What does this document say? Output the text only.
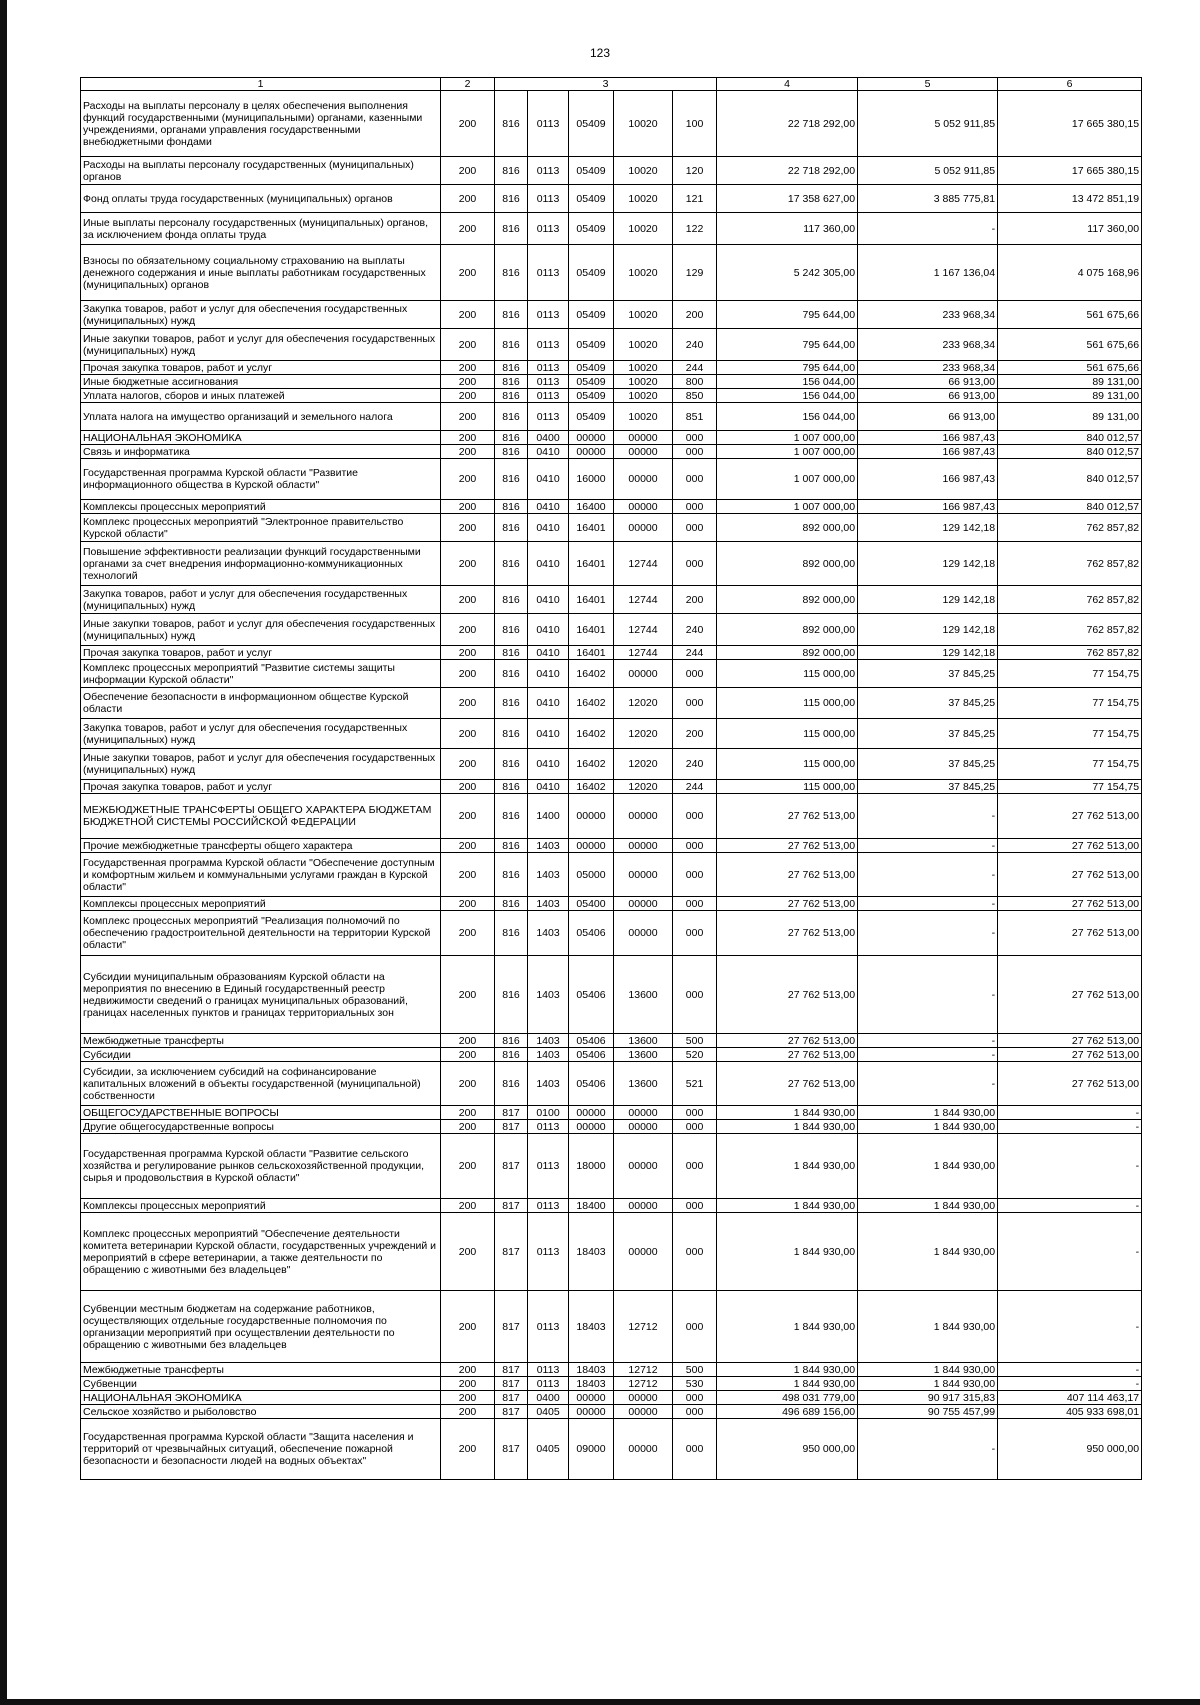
123
1	2	3					4	5	6
Расходы на выплаты персоналу в целях обеспечения выполнения функций государственными (муниципальными) органами, казенными учреждениями, органами управления государственными внебюджетными фондами	200	816	0113	05409	10020	100	22 718 292,00	5 052 911,85	17 665 380,15
Расходы на выплаты персоналу государственных (муниципальных) органов	200	816	0113	05409	10020	120	22 718 292,00	5 052 911,85	17 665 380,15
Фонд оплаты труда государственных (муниципальных) органов	200	816	0113	05409	10020	121	17 358 627,00	3 885 775,81	13 472 851,19
Иные выплаты персоналу государственных (муниципальных) органов, за исключением фонда оплаты труда	200	816	0113	05409	10020	122	117 360,00	-	117 360,00
Взносы по обязательному социальному страхованию на выплаты денежного содержания и иные выплаты работникам государственных (муниципальных) органов	200	816	0113	05409	10020	129	5 242 305,00	1 167 136,04	4 075 168,96
Закупка товаров, работ и услуг для обеспечения государственных (муниципальных) нужд	200	816	0113	05409	10020	200	795 644,00	233 968,34	561 675,66
Иные закупки товаров, работ и услуг для обеспечения государственных (муниципальных) нужд	200	816	0113	05409	10020	240	795 644,00	233 968,34	561 675,66
Прочая закупка товаров, работ и услуг	200	816	0113	05409	10020	244	795 644,00	233 968,34	561 675,66
Иные бюджетные ассигнования	200	816	0113	05409	10020	800	156 044,00	66 913,00	89 131,00
Уплата налогов, сборов и иных платежей	200	816	0113	05409	10020	850	156 044,00	66 913,00	89 131,00
Уплата налога на имущество организаций и земельного налога	200	816	0113	05409	10020	851	156 044,00	66 913,00	89 131,00
НАЦИОНАЛЬНАЯ ЭКОНОМИКА	200	816	0400	00000	00000	000	1 007 000,00	166 987,43	840 012,57
Связь и информатика	200	816	0410	00000	00000	000	1 007 000,00	166 987,43	840 012,57
Государственная программа Курской области "Развитие информационного общества в Курской области"	200	816	0410	16000	00000	000	1 007 000,00	166 987,43	840 012,57
Комплексы процессных мероприятий	200	816	0410	16400	00000	000	1 007 000,00	166 987,43	840 012,57
Комплекс процессных мероприятий "Электронное правительство Курской области"	200	816	0410	16401	00000	000	892 000,00	129 142,18	762 857,82
Повышение эффективности реализации функций государственными органами за счет внедрения информационно-коммуникационных технологий	200	816	0410	16401	12744	000	892 000,00	129 142,18	762 857,82
Закупка товаров, работ и услуг для обеспечения государственных (муниципальных) нужд	200	816	0410	16401	12744	200	892 000,00	129 142,18	762 857,82
Иные закупки товаров, работ и услуг для обеспечения государственных (муниципальных) нужд	200	816	0410	16401	12744	240	892 000,00	129 142,18	762 857,82
Прочая закупка товаров, работ и услуг	200	816	0410	16401	12744	244	892 000,00	129 142,18	762 857,82
Комплекс процессных мероприятий "Развитие системы защиты информации Курской области"	200	816	0410	16402	00000	000	115 000,00	37 845,25	77 154,75
Обеспечение безопасности в информационном обществе Курской области	200	816	0410	16402	12020	000	115 000,00	37 845,25	77 154,75
Закупка товаров, работ и услуг для обеспечения государственных (муниципальных) нужд	200	816	0410	16402	12020	200	115 000,00	37 845,25	77 154,75
Иные закупки товаров, работ и услуг для обеспечения государственных (муниципальных) нужд	200	816	0410	16402	12020	240	115 000,00	37 845,25	77 154,75
Прочая закупка товаров, работ и услуг	200	816	0410	16402	12020	244	115 000,00	37 845,25	77 154,75
МЕЖБЮДЖЕТНЫЕ ТРАНСФЕРТЫ ОБЩЕГО ХАРАКТЕРА БЮДЖЕТАМ БЮДЖЕТНОЙ СИСТЕМЫ РОССИЙСКОЙ ФЕДЕРАЦИИ	200	816	1400	00000	00000	000	27 762 513,00	-	27 762 513,00
Прочие межбюджетные трансферты общего характера	200	816	1403	00000	00000	000	27 762 513,00	-	27 762 513,00
Государственная программа Курской области "Обеспечение доступным и комфортным жильем и коммунальными услугами граждан в Курской области"	200	816	1403	05000	00000	000	27 762 513,00	-	27 762 513,00
Комплексы процессных мероприятий	200	816	1403	05400	00000	000	27 762 513,00	-	27 762 513,00
Комплекс процессных мероприятий "Реализация полномочий по обеспечению градостроительной деятельности на территории Курской области"	200	816	1403	05406	00000	000	27 762 513,00	-	27 762 513,00
Субсидии муниципальным образованиям Курской области на мероприятия по внесению в Единый государственный реестр недвижимости сведений о границах муниципальных образований, границах населенных пунктов и границах территориальных зон	200	816	1403	05406	13600	000	27 762 513,00	-	27 762 513,00
Межбюджетные трансферты	200	816	1403	05406	13600	500	27 762 513,00	-	27 762 513,00
Субсидии	200	816	1403	05406	13600	520	27 762 513,00	-	27 762 513,00
Субсидии, за исключением субсидий на софинансирование капитальных вложений в объекты государственной (муниципальной) собственности	200	816	1403	05406	13600	521	27 762 513,00	-	27 762 513,00
ОБЩЕГОСУДАРСТВЕННЫЕ ВОПРОСЫ	200	817	0100	00000	00000	000	1 844 930,00	1 844 930,00	-
Другие общегосударственные вопросы	200	817	0113	00000	00000	000	1 844 930,00	1 844 930,00	-
Государственная программа Курской области "Развитие сельского хозяйства и регулирование рынков сельскохозяйственной продукции, сырья и продовольствия в Курской области"	200	817	0113	18000	00000	000	1 844 930,00	1 844 930,00	-
Комплексы процессных мероприятий	200	817	0113	18400	00000	000	1 844 930,00	1 844 930,00	-
Комплекс процессных мероприятий "Обеспечение деятельности комитета ветеринарии Курской области, государственных учреждений и мероприятий в сфере ветеринарии, а также деятельности по обращению с животными без владельцев"	200	817	0113	18403	00000	000	1 844 930,00	1 844 930,00	-
Субвенции местным бюджетам на содержание работников, осуществляющих отдельные государственные полномочия по организации мероприятий при осуществлении деятельности по обращению с животными без владельцев	200	817	0113	18403	12712	000	1 844 930,00	1 844 930,00	-
Межбюджетные трансферты	200	817	0113	18403	12712	500	1 844 930,00	1 844 930,00	-
Субвенции	200	817	0113	18403	12712	530	1 844 930,00	1 844 930,00	-
НАЦИОНАЛЬНАЯ ЭКОНОМИКА	200	817	0400	00000	00000	000	498 031 779,00	90 917 315,83	407 114 463,17
Сельское хозяйство и рыболовство	200	817	0405	00000	00000	000	496 689 156,00	90 755 457,99	405 933 698,01
Государственная программа Курской области "Защита населения и территорий от чрезвычайных ситуаций, обеспечение пожарной безопасности и безопасности людей на водных объектах"	200	817	0405	09000	00000	000	950 000,00	-	950 000,00
